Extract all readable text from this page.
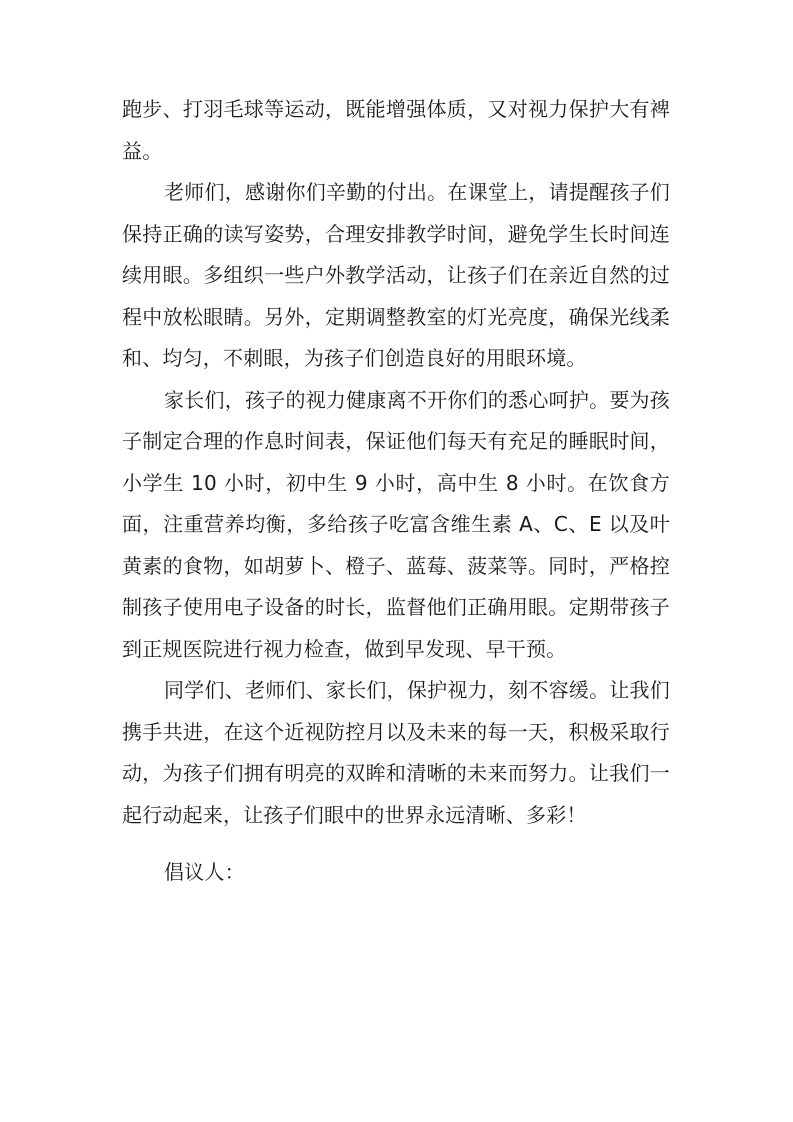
跑步、打羽毛球等运动，既能增强体质，又对视力保护大有裨益。

老师们，感谢你们辛勤的付出。在课堂上，请提醒孩子们保持正确的读写姿势，合理安排教学时间，避免学生长时间连续用眼。多组织一些户外教学活动，让孩子们在亲近自然的过程中放松眼睛。另外，定期调整教室的灯光亮度，确保光线柔和、均匀，不刺眼，为孩子们创造良好的用眼环境。

家长们，孩子的视力健康离不开你们的悉心呵护。要为孩子制定合理的作息时间表，保证他们每天有充足的睡眠时间，小学生 10 小时，初中生 9 小时，高中生 8 小时。在饮食方面，注重营养均衡，多给孩子吃富含维生素 A、C、E 以及叶黄素的食物，如胡萝卜、橙子、蓝莓、菠菜等。同时，严格控制孩子使用电子设备的时长，监督他们正确用眼。定期带孩子到正规医院进行视力检查，做到早发现、早干预。

同学们、老师们、家长们，保护视力，刻不容缓。让我们携手共进，在这个近视防控月以及未来的每一天，积极采取行动，为孩子们拥有明亮的双眸和清晰的未来而努力。让我们一起行动起来，让孩子们眼中的世界永远清晰、多彩！

倡议人：
